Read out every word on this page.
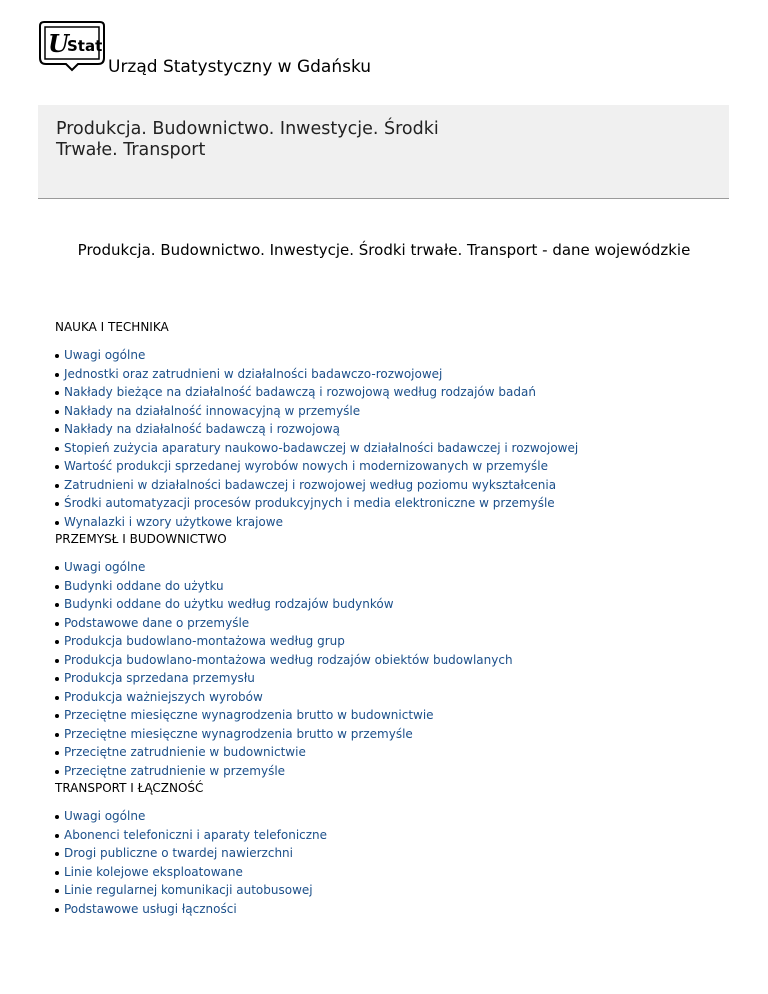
U
Stat
Urząd Statystyczny w Gdańsku
Produkcja. Budownictwo. Inwestycje. Środki Trwałe. Transport
Produkcja. Budownictwo. Inwestycje. Środki trwałe. Transport - dane wojewódzkie
NAUKA I TECHNIKA
Uwagi ogólne
Jednostki oraz zatrudnieni w działalności badawczo-rozwojowej
Nakłady bieżące na działalność badawczą i rozwojową według rodzajów badań
Nakłady na działalność innowacyjną w przemyśle
Nakłady na działalność badawczą i rozwojową
Stopień zużycia aparatury naukowo-badawczej w działalności badawczej i rozwojowej
Wartość produkcji sprzedanej wyrobów nowych i modernizowanych w przemyśle
Zatrudnieni w działalności badawczej i rozwojowej według poziomu wykształcenia
Środki automatyzacji procesów produkcyjnych i media elektroniczne w przemyśle
Wynalazki i wzory użytkowe krajowe
PRZEMYSŁ I BUDOWNICTWO
Uwagi ogólne
Budynki oddane do użytku
Budynki oddane do użytku według rodzajów budynków
Podstawowe dane o przemyśle
Produkcja budowlano-montażowa według grup
Produkcja budowlano-montażowa według rodzajów obiektów budowlanych
Produkcja sprzedana przemysłu
Produkcja ważniejszych wyrobów
Przeciętne miesięczne wynagrodzenia brutto w budownictwie
Przeciętne miesięczne wynagrodzenia brutto w przemyśle
Przeciętne zatrudnienie w budownictwie
Przeciętne zatrudnienie w przemyśle
TRANSPORT I ŁĄCZNOŚĆ
Uwagi ogólne
Abonenci telefoniczni i aparaty telefoniczne
Drogi publiczne o twardej nawierzchni
Linie kolejowe eksploatowane
Linie regularnej komunikacji autobusowej
Podstawowe usługi łączności
